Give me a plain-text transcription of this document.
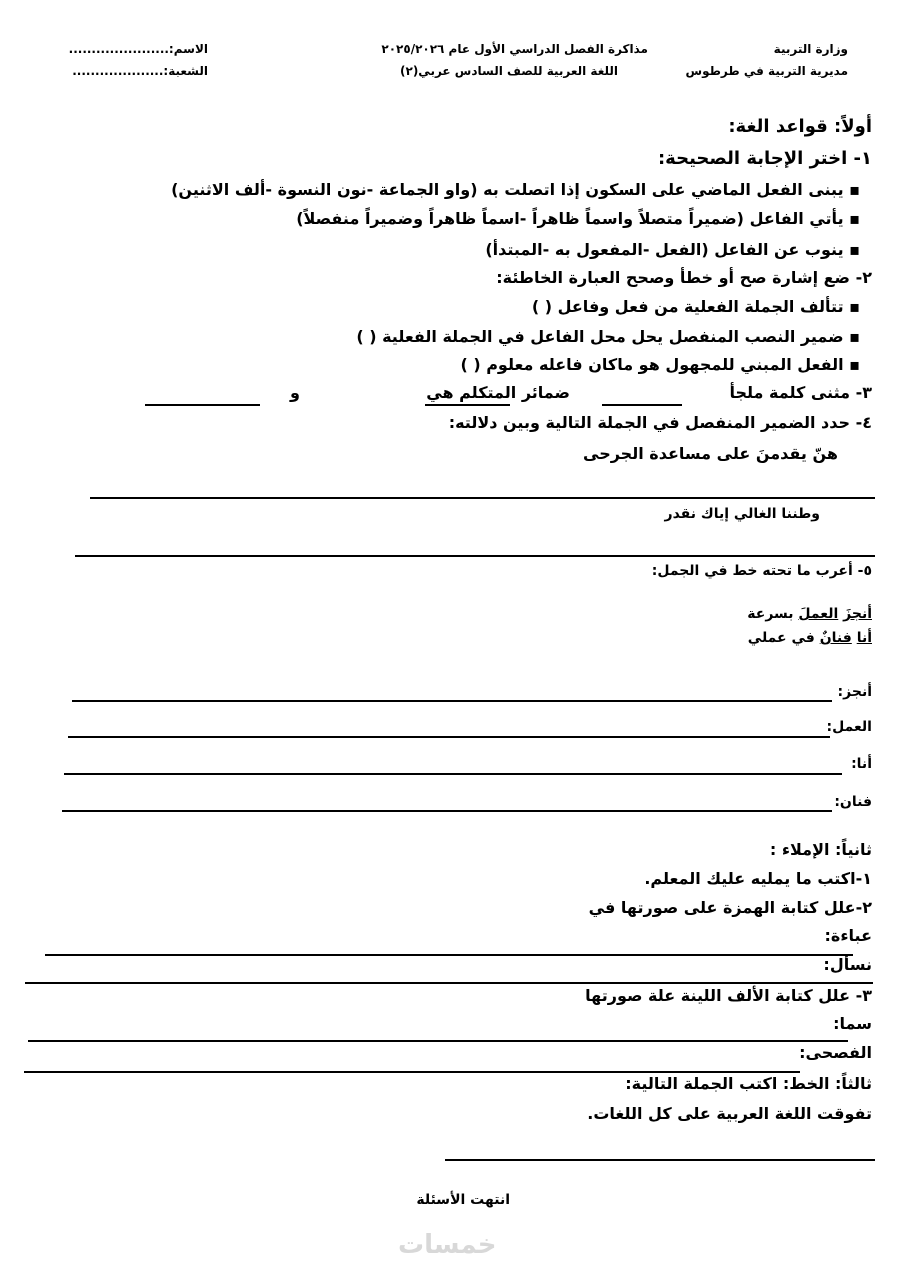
وزارة التربية
مديرية التربية في طرطوس
مذاكرة الفصل الدراسي الأول عام ٢٠٢٥/٢٠٢٦
اللغة العربية للصف السادس عربي(٢)
الاسم:......................
الشعبة:....................
أولاً: قواعد الغة:
١- اختر الإجابة الصحيحة:
▪ يبنى الفعل الماضي على السكون إذا اتصلت به (واو الجماعة -نون النسوة -ألف الاثنين)
▪ يأتي الفاعل (ضميراً متصلاً واسماً ظاهراً -اسماً ظاهراً وضميراً منفصلاً)
▪ ينوب عن الفاعل (الفعل -المفعول به -المبتدأ)
٢- ضع إشارة صح أو خطأ وصحح العبارة الخاطئة:
▪ تتألف الجملة الفعلية من فعل وفاعل ( )
▪ ضمير النصب المنفصل يحل محل الفاعل في الجملة الفعلية ( )
▪ الفعل المبني للمجهول هو ماكان فاعله معلوم ( )
٣- مثنى كلمة ملجأ
ضمائر المتكلم هي
و
٤- حدد الضمير المنفصل في الجملة التالية وبين دلالته:
هنّ يقدمنَ على مساعدة الجرحى
وطننا الغالي إياك نقدر
٥- أعرب ما تحته خط في الجمل:
أنجزَ العملَ بسرعة
أنا فنانٌ في عملي
أنجز:
العمل:
أنا:
فنان:
ثانياً: الإملاء :
١-اكتب ما يمليه عليك المعلم.
٢-علل كتابة الهمزة على صورتها في
عباءة:
نسأل:
٣- علل كتابة الألف اللينة علة صورتها
سما:
الفصحى:
ثالثاً: الخط: اكتب الجملة التالية:
تفوقت اللغة العربية على كل اللغات.
انتهت الأسئلة
خمسات
